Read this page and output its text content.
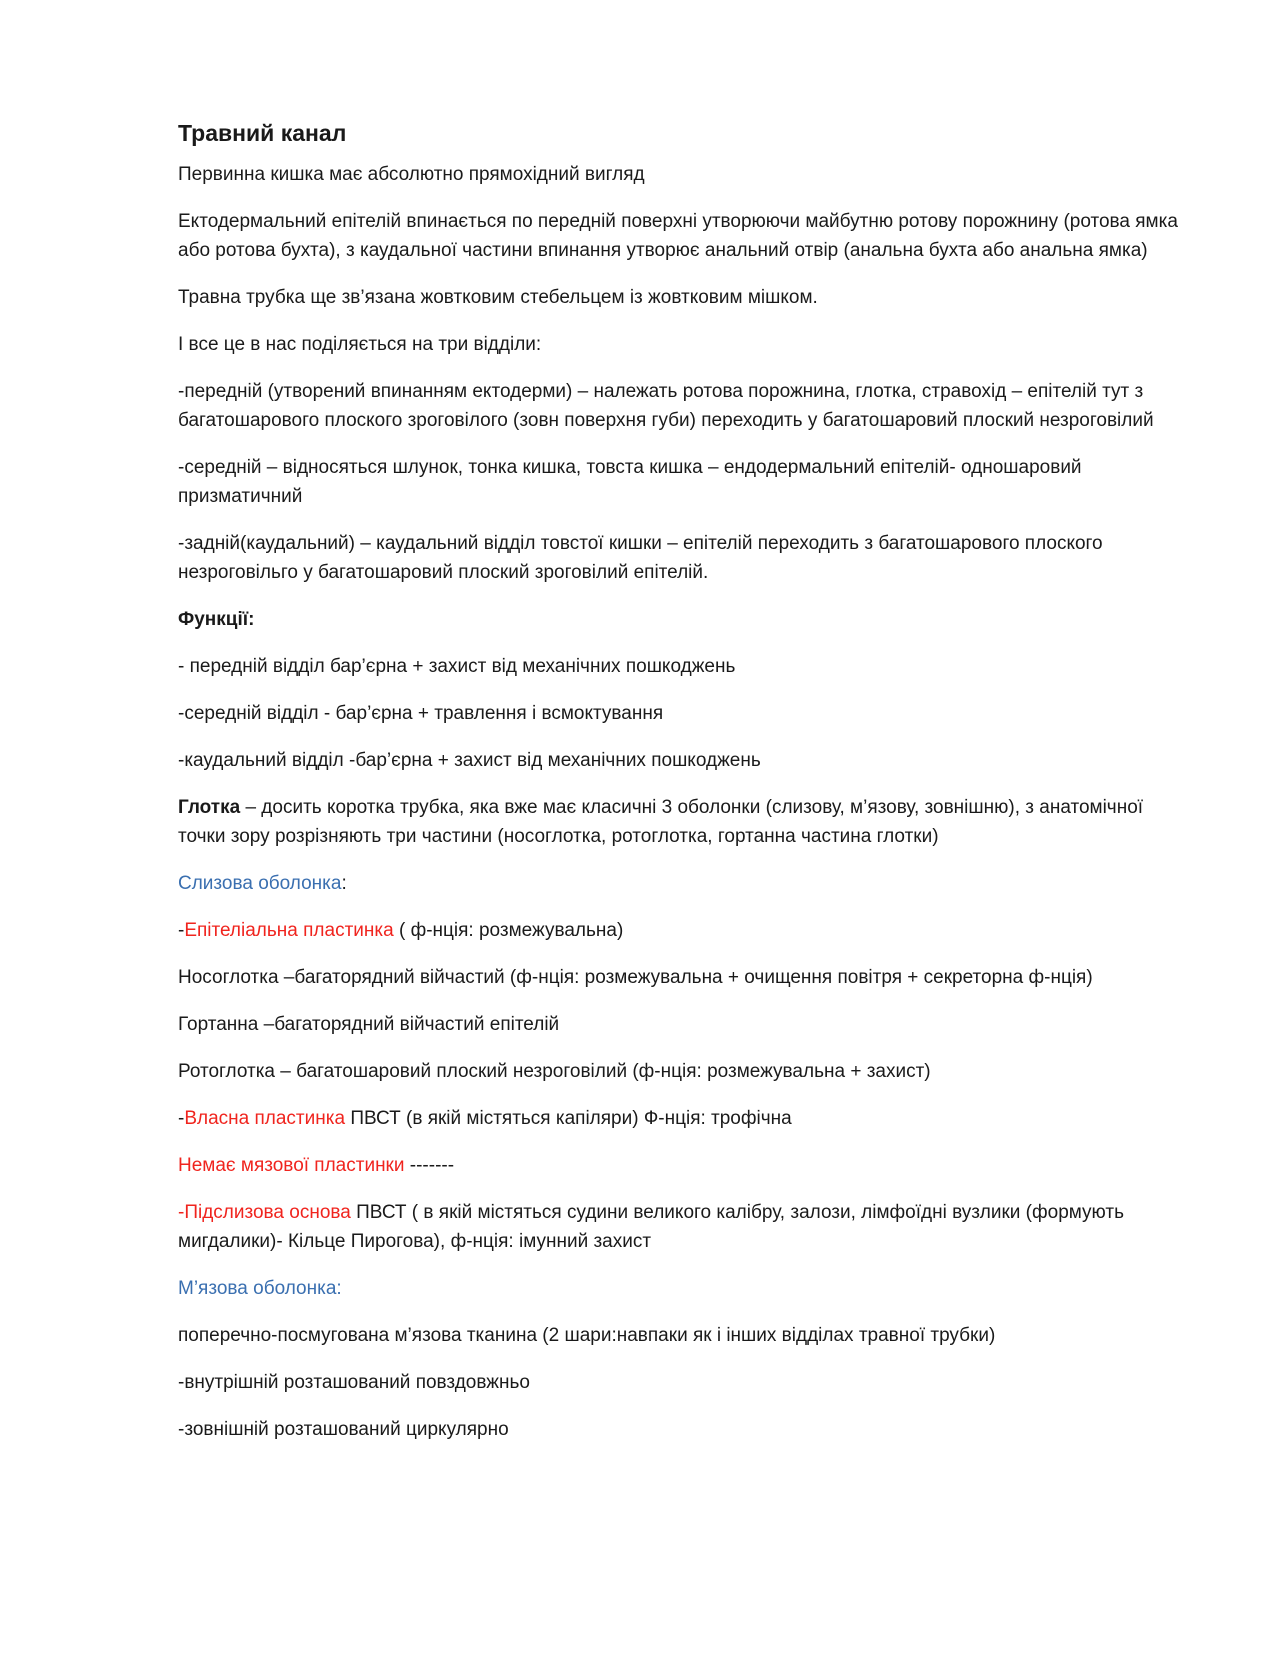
Травний канал

Первинна кишка має абсолютно прямохідний вигляд

Ектодермальний епітелій впинається по передній поверхні утворюючи майбутню ротову порожнину (ротова ямка або ротова бухта), з каудальної частини впинання утворює анальний отвір (анальна бухта або анальна ямка)

Травна трубка ще зв’язана жовтковим стебельцем із жовтковим мішком.

І все це в нас поділяється на три відділи:

-передній (утворений впинанням ектодерми) – належать ротова порожнина, глотка, стравохід – епітелій тут з багатошарового плоского зроговілого (зовн поверхня губи) переходить у багатошаровий плоский незроговілий

-середній – відносяться шлунок, тонка кишка, товста кишка – ендодермальний епітелій- одношаровий призматичний

-задній(каудальний) – каудальний відділ товстої кишки – епітелій переходить з багатошарового плоского незроговільго у багатошаровий плоский зроговілий епітелій.

Функції:

- передній відділ бар’єрна + захист від механічних пошкоджень

-середній відділ - бар’єрна + травлення і всмоктування

-каудальний відділ -бар’єрна + захист від механічних пошкоджень

Глотка – досить коротка трубка, яка вже має класичні 3 оболонки (слизову, м’язову, зовнішню), з анатомічної точки зору розрізняють три частини (носоглотка, ротоглотка, гортанна частина глотки)

Слизова оболонка:

-Епітеліальна пластинка ( ф-нція: розмежувальна)

Носоглотка –багаторядний війчастий (ф-нція: розмежувальна + очищення повітря + секреторна ф-нція)

Гортанна –багаторядний війчастий епітелій

Ротоглотка – багатошаровий плоский незроговілий (ф-нція: розмежувальна + захист)

-Власна пластинка ПВСТ (в якій містяться капіляри) Ф-нція: трофічна

Немає мязової пластинки -------

-Підслизова основа ПВСТ ( в якій містяться судини великого калібру, залози, лімфоїдні вузлики (формують мигдалики)- Кільце Пирогова), ф-нція: імунний захист

М’язова оболонка:

поперечно-посмугована м’язова тканина (2 шари:навпаки як і інших відділах травної трубки)

-внутрішній розташований повздовжньо

-зовнішній розташований циркулярно
